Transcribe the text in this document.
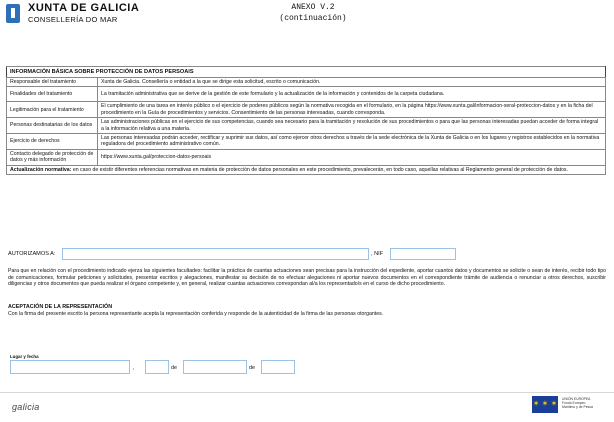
XUNTA DE GALICIA
CONSELLERÍA DO MAR
ANEXO V.2
(continuación)
INFORMACIÓN BÁSICA SOBRE PROTECCIÓN DE DATOS PERSOAIS	
Responsable del tratamiento	Xunta de Galicia. Consellería o entidad a la que se dirige esta solicitud, escrito o comunicación.
Finalidades del tratamiento	La tramitación administrativa que se derive de la gestión de este formulario y la actualización de la información y contenidos de la carpeta ciudadana.
Legitimación para el tratamiento	El cumplimiento de una tarea en interés público o el ejercicio de poderes públicos según la normativa recogida en el formulario, en la página https://www.xunta.gal/informacion-xeral-proteccion-datos y en la ficha del procedimiento en la Guía de procedimientos y servicios. Consentimiento de las personas interesadas, cuando corresponda.
Personas destinatarias de los datos	Las administraciones públicas en el ejercicio de sus competencias, cuando sea necesario para la tramitación y resolución de sus procedimientos o para que las personas interesadas puedan acceder de forma integral a la información relativa a una materia.
Ejercicio de derechos	Las personas interesadas podrán acceder, rectificar y suprimir sus datos, así como ejercer otros derechos a través de la sede electrónica de la Xunta de Galicia o en los lugares y registros establecidos en la normativa reguladora del procedimiento administrativo común.
Contacto delegado de protección de datos y más información	https://www.xunta.gal/proteccion-datos-persoais
Actualización normativa: en caso de existir diferentes referencias normativas en materia de protección de datos personales en este procedimiento, prevalecerán, en todo caso, aquellas relativas al Reglamento general de protección de datos.	
AUTORIZAMOS A:	, NIF
Para que en relación con el procedimiento indicado ejerza las siguientes facultades: facilitar la práctica de cuantas actuaciones sean precisas para la instrucción del expediente, aportar cuantos datos y documentos se solicite o sean de interés, recibir todo tipo de comunicaciones, formular peticiones y solicitudes, presentar escritos y alegaciones, manifestar su decisión de no efectuar alegaciones ni aportar nuevos documentos en el correspondiente trámite de audiencia o renunciar a otros derechos, suscribir diligencias y otros documentos que pueda realizar el órgano competente y, en general, realizar cuantas actuaciones correspondan al/a los representado/s en el curso de dicho procedimiento.
ACEPTACIÓN DE LA REPRESENTACIÓN
Con la firma del presente escrito la persona representante acepta la representación conferida y responde de la autenticidad de la firma de las personas otorgantes.
Lugar y fecha
,	de	de
galicia	✶ ✶ ✶ UNIÓN EUROPEA
Fondo Europeo
Marítimo y de Pesca
